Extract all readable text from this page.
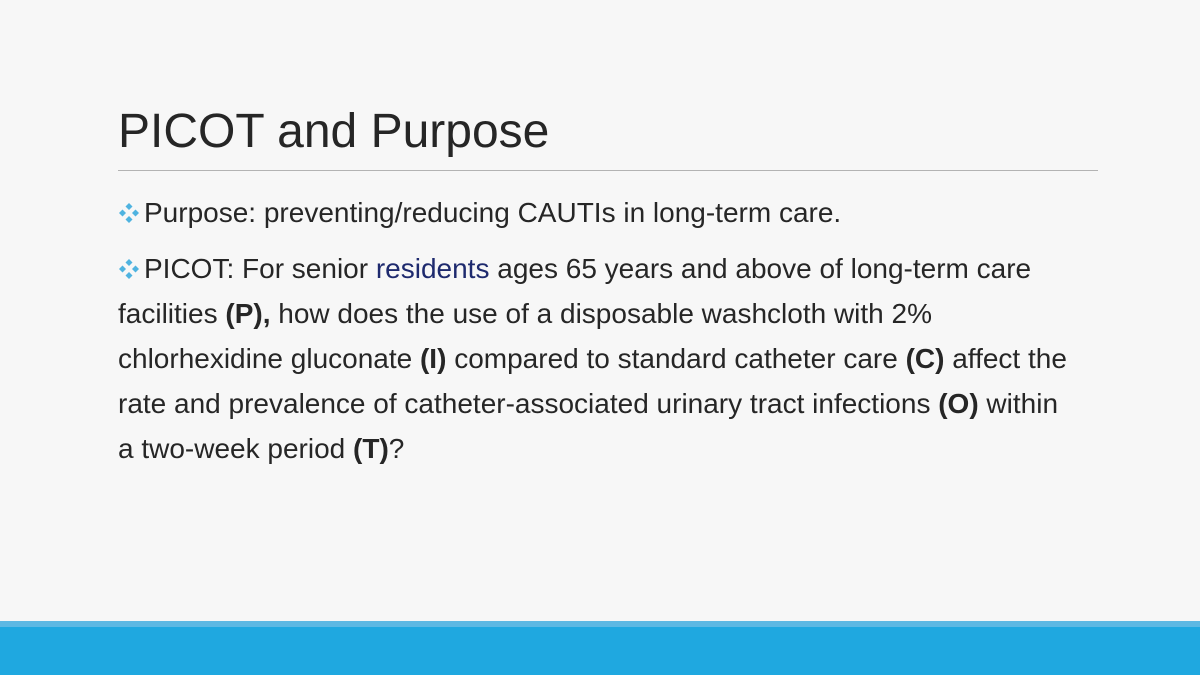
PICOT and Purpose
Purpose: preventing/reducing CAUTIs in long-term care.
PICOT: For senior residents ages 65 years and above of long-term care facilities (P), how does the use of a disposable washcloth with 2% chlorhexidine gluconate (I) compared to standard catheter care (C) affect the rate and prevalence of catheter-associated urinary tract infections (O) within a two-week period (T)?
